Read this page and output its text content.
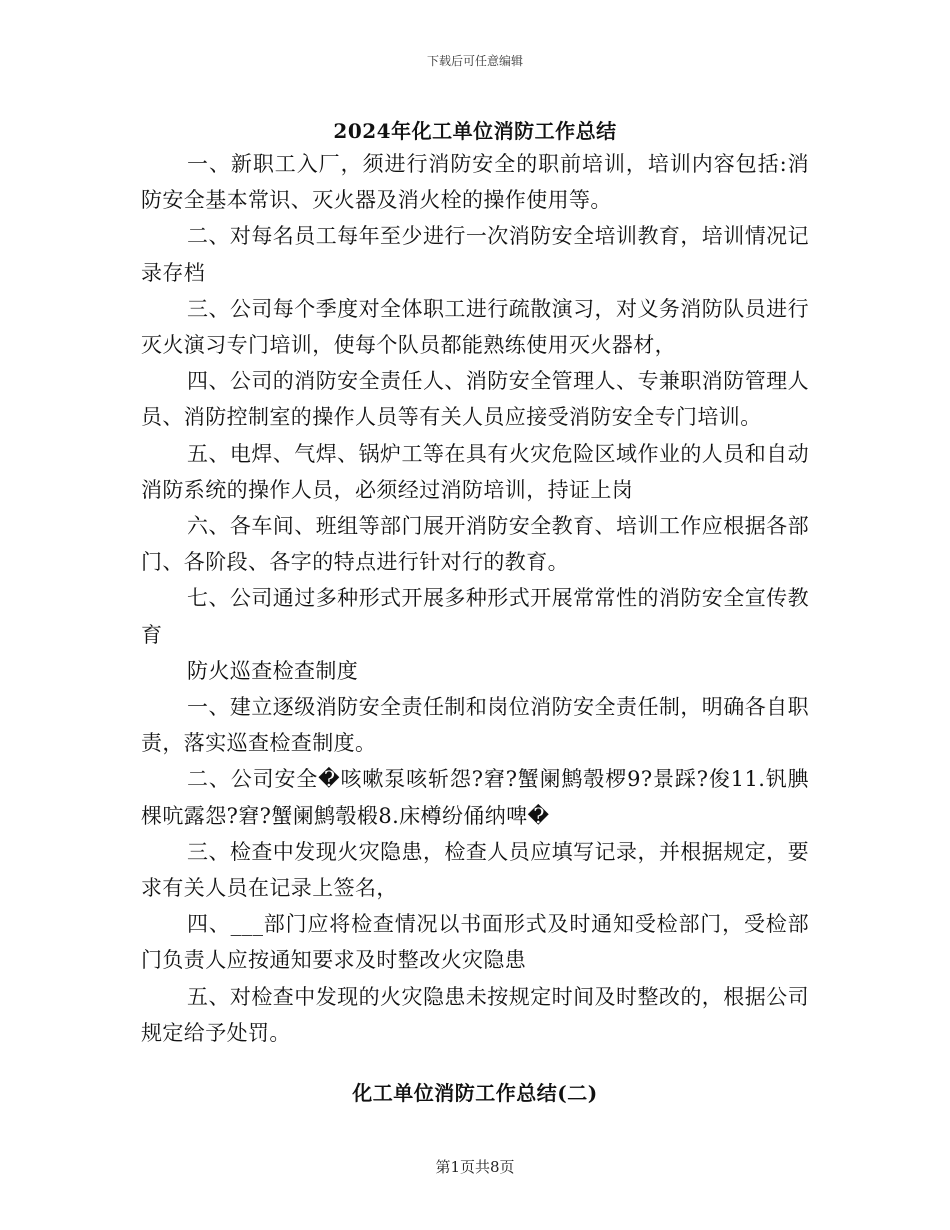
下载后可任意编辑
2024年化工单位消防工作总结

一、新职工入厂，须进行消防安全的职前培训，培训内容包括:消防安全基本常识、灭火器及消火栓的操作使用等。

二、对每名员工每年至少进行一次消防安全培训教育，培训情况记录存档

三、公司每个季度对全体职工进行疏散演习，对义务消防队员进行灭火演习专门培训，使每个队员都能熟练使用灭火器材，

四、公司的消防安全责任人、消防安全管理人、专兼职消防管理人员、消防控制室的操作人员等有关人员应接受消防安全专门培训。

五、电焊、气焊、锅炉工等在具有火灾危险区域作业的人员和自动消防系统的操作人员，必须经过消防培训，持证上岗

六、各车间、班组等部门展开消防安全教育、培训工作应根据各部门、各阶段、各字的特点进行针对行的教育。

七、公司通过多种形式开展多种形式开展常常性的消防安全宣传教育

防火巡查检查制度

一、建立逐级消防安全责任制和岗位消防安全责任制，明确各自职责，落实巡查检查制度。

二、公司安全�咳嗽泵咳斩怨?窘?蟹阑鹪彀椤9?景踩?俊11.钒腆棵吭露怨?窘?蟹阑鹪彀椴8.床樽纷俑纳啤�

三、检查中发现火灾隐患，检查人员应填写记录，并根据规定，要求有关人员在记录上签名，

四、___部门应将检查情况以书面形式及时通知受检部门，受检部门负责人应按通知要求及时整改火灾隐患

五、对检查中发现的火灾隐患未按规定时间及时整改的，根据公司规定给予处罚。

化工单位消防工作总结(二)
第1页共8页
